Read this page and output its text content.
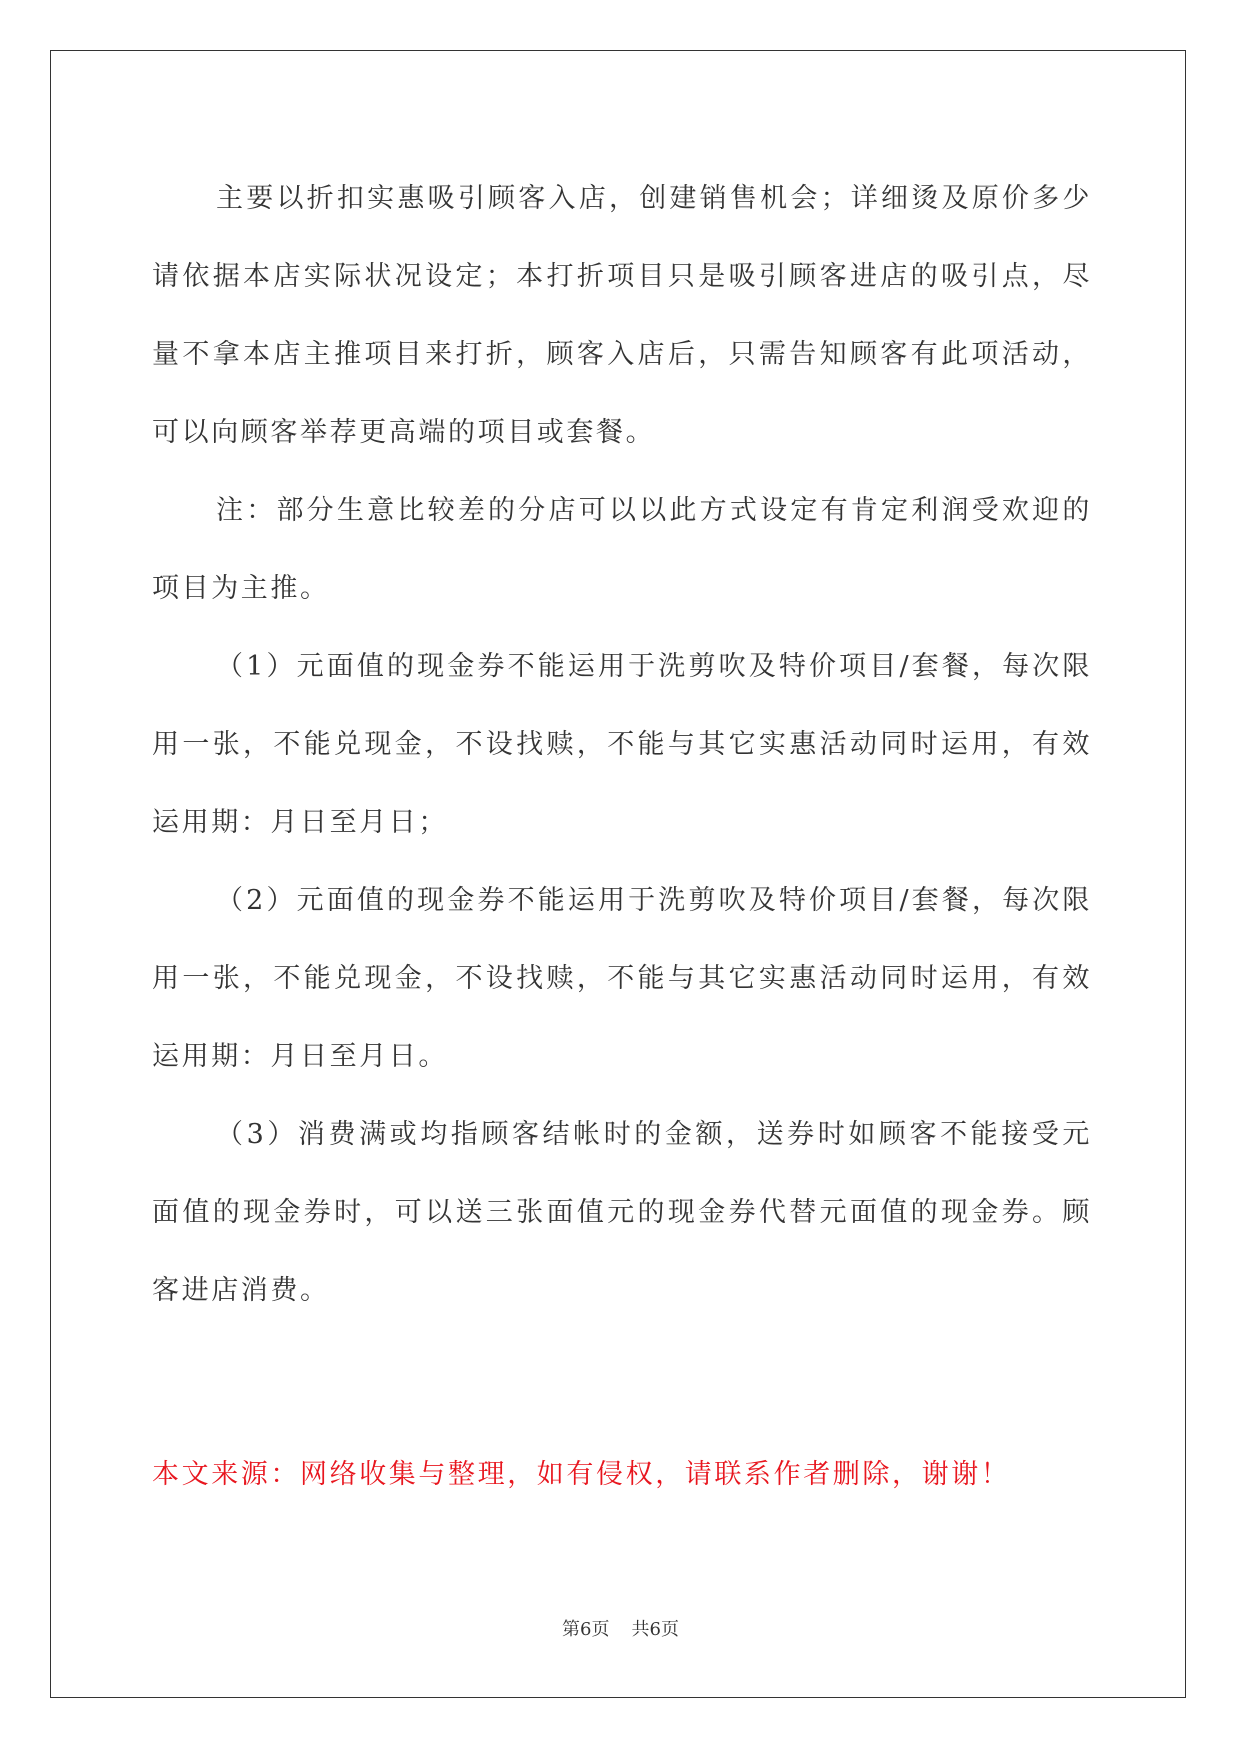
主要以折扣实惠吸引顾客入店，创建销售机会；详细烫及原价多少请依据本店实际状况设定；本打折项目只是吸引顾客进店的吸引点，尽量不拿本店主推项目来打折，顾客入店后，只需告知顾客有此项活动，可以向顾客举荐更高端的项目或套餐。

注：部分生意比较差的分店可以以此方式设定有肯定利润受欢迎的项目为主推。

（1）元面值的现金券不能运用于洗剪吹及特价项目/套餐，每次限用一张，不能兑现金，不设找赎，不能与其它实惠活动同时运用，有效运用期：月日至月日；

（2）元面值的现金券不能运用于洗剪吹及特价项目/套餐，每次限用一张，不能兑现金，不设找赎，不能与其它实惠活动同时运用，有效运用期：月日至月日。

（3）消费满或均指顾客结帐时的金额，送券时如顾客不能接受元面值的现金券时，可以送三张面值元的现金券代替元面值的现金券。顾客进店消费。

本文来源：网络收集与整理，如有侵权，请联系作者删除，谢谢！

第6页 共6页
